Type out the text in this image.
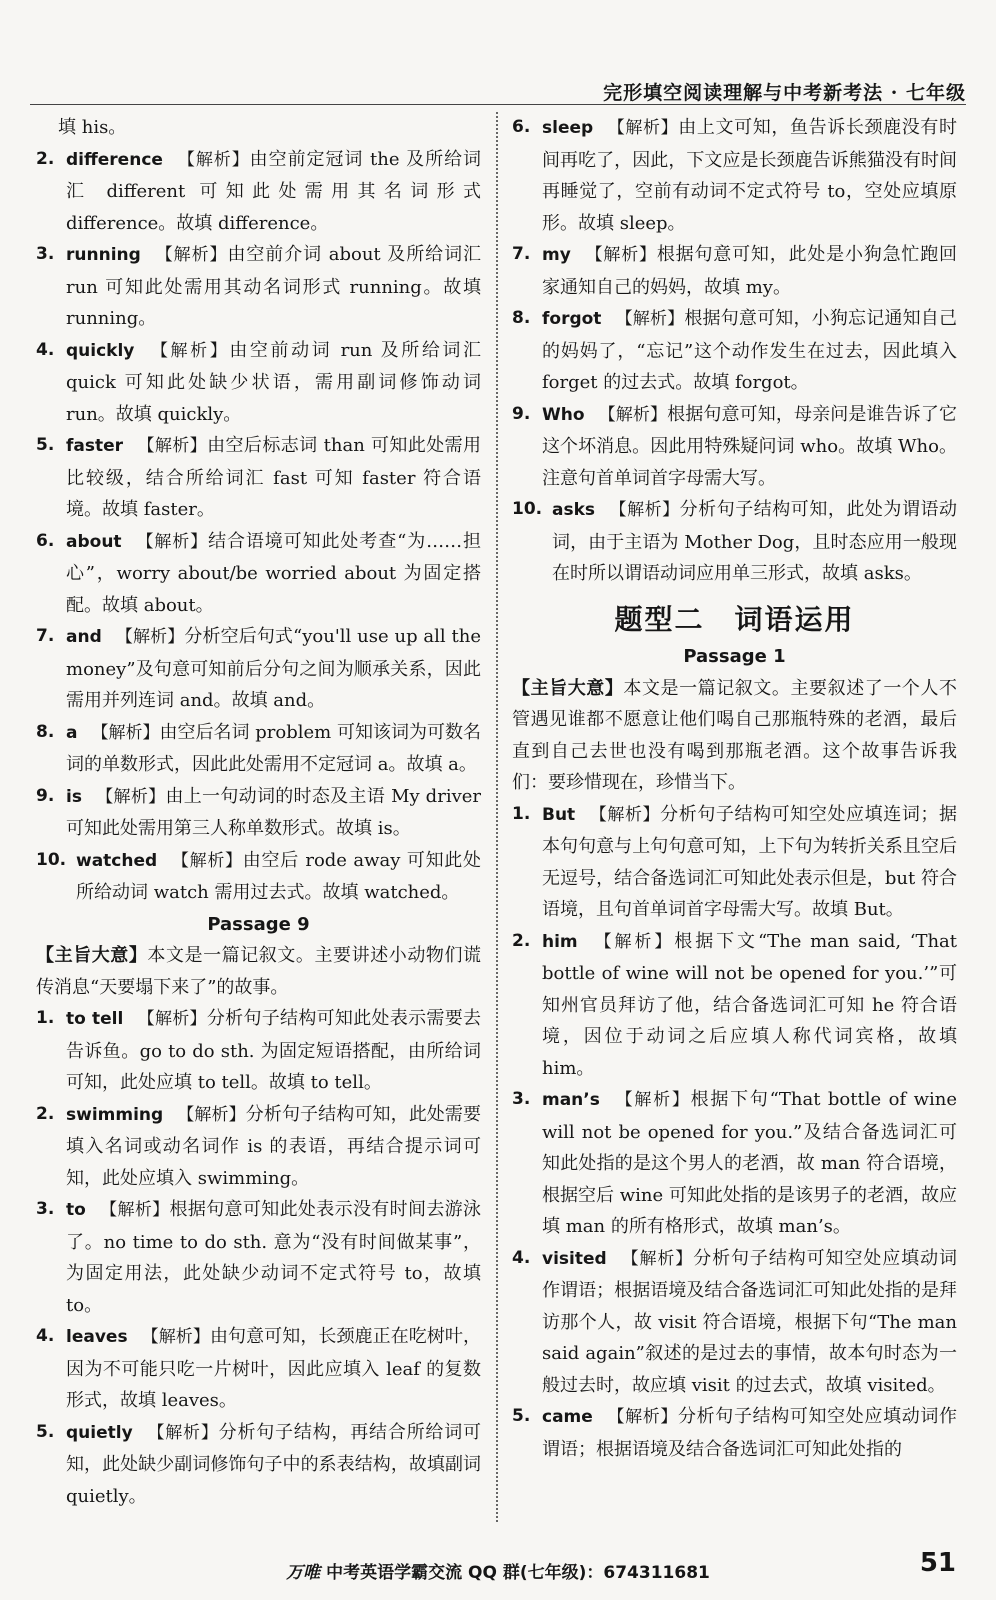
完形填空阅读理解与中考新考法 · 七年级
填 his。
2. difference 【解析】由空前定冠词 the 及所给词汇 different 可知此处需用其名词形式 difference。故填 difference。
3. running 【解析】由空前介词 about 及所给词汇 run 可知此处需用其动名词形式 running。故填 running。
4. quickly 【解析】由空前动词 run 及所给词汇 quick 可知此处缺少状语，需用副词修饰动词 run。故填 quickly。
5. faster 【解析】由空后标志词 than 可知此处需用比较级，结合所给词汇 fast 可知 faster 符合语境。故填 faster。
6. about 【解析】结合语境可知此处考查“为……担心”，worry about/be worried about 为固定搭配。故填 about。
7. and 【解析】分析空后句式“you'll use up all the money”及句意可知前后分句之间为顺承关系，因此需用并列连词 and。故填 and。
8. a 【解析】由空后名词 problem 可知该词为可数名词的单数形式，因此此处需用不定冠词 a。故填 a。
9. is 【解析】由上一句动词的时态及主语 My driver 可知此处需用第三人称单数形式。故填 is。
10. watched 【解析】由空后 rode away 可知此处所给动词 watch 需用过去式。故填 watched。
Passage 9
【主旨大意】本文是一篇记叙文。主要讲述小动物们谎传消息“天要塌下来了”的故事。
1. to tell 【解析】分析句子结构可知此处表示需要去告诉鱼。go to do sth. 为固定短语搭配，由所给词可知，此处应填 to tell。故填 to tell。
2. swimming 【解析】分析句子结构可知，此处需要填入名词或动名词作 is 的表语，再结合提示词可知，此处应填入 swimming。
3. to 【解析】根据句意可知此处表示没有时间去游泳了。no time to do sth. 意为“没有时间做某事”，为固定用法，此处缺少动词不定式符号 to，故填 to。
4. leaves 【解析】由句意可知，长颈鹿正在吃树叶，因为不可能只吃一片树叶，因此应填入 leaf 的复数形式，故填 leaves。
5. quietly 【解析】分析句子结构，再结合所给词可知，此处缺少副词修饰句子中的系表结构，故填副词 quietly。
6. sleep 【解析】由上文可知，鱼告诉长颈鹿没有时间再吃了，因此，下文应是长颈鹿告诉熊猫没有时间再睡觉了，空前有动词不定式符号 to，空处应填原形。故填 sleep。
7. my 【解析】根据句意可知，此处是小狗急忙跑回家通知自己的妈妈，故填 my。
8. forgot 【解析】根据句意可知，小狗忘记通知自己的妈妈了，“忘记”这个动作发生在过去，因此填入 forget 的过去式。故填 forgot。
9. Who 【解析】根据句意可知，母亲问是谁告诉了它这个坏消息。因此用特殊疑问词 who。故填 Who。注意句首单词首字母需大写。
10. asks 【解析】分析句子结构可知，此处为谓语动词，由于主语为 Mother Dog，且时态应用一般现在时所以谓语动词应用单三形式，故填 asks。
题型二　词语运用
Passage 1
【主旨大意】本文是一篇记叙文。主要叙述了一个人不管遇见谁都不愿意让他们喝自己那瓶特殊的老酒，最后直到自己去世也没有喝到那瓶老酒。这个故事告诉我们：要珍惜现在，珍惜当下。
1. But 【解析】分析句子结构可知空处应填连词；据本句句意与上句句意可知，上下句为转折关系且空后无逗号，结合备选词汇可知此处表示但是，but 符合语境，且句首单词首字母需大写。故填 But。
2. him 【解析】根据下文“The man said, ‘That bottle of wine will not be opened for you.’”可知州官员拜访了他，结合备选词汇可知 he 符合语境，因位于动词之后应填人称代词宾格，故填 him。
3. man’s 【解析】根据下句“That bottle of wine will not be opened for you.”及结合备选词汇可知此处指的是这个男人的老酒，故 man 符合语境，根据空后 wine 可知此处指的是该男子的老酒，故应填 man 的所有格形式，故填 man’s。
4. visited 【解析】分析句子结构可知空处应填动词作谓语；根据语境及结合备选词汇可知此处指的是拜访那个人，故 visit 符合语境，根据下句“The man said again”叙述的是过去的事情，故本句时态为一般过去时，故应填 visit 的过去式，故填 visited。
5. came 【解析】分析句子结构可知空处应填动词作谓语；根据语境及结合备选词汇可知此处指的
万唯 中考英语学霸交流 QQ 群(七年级)：674311681	51
